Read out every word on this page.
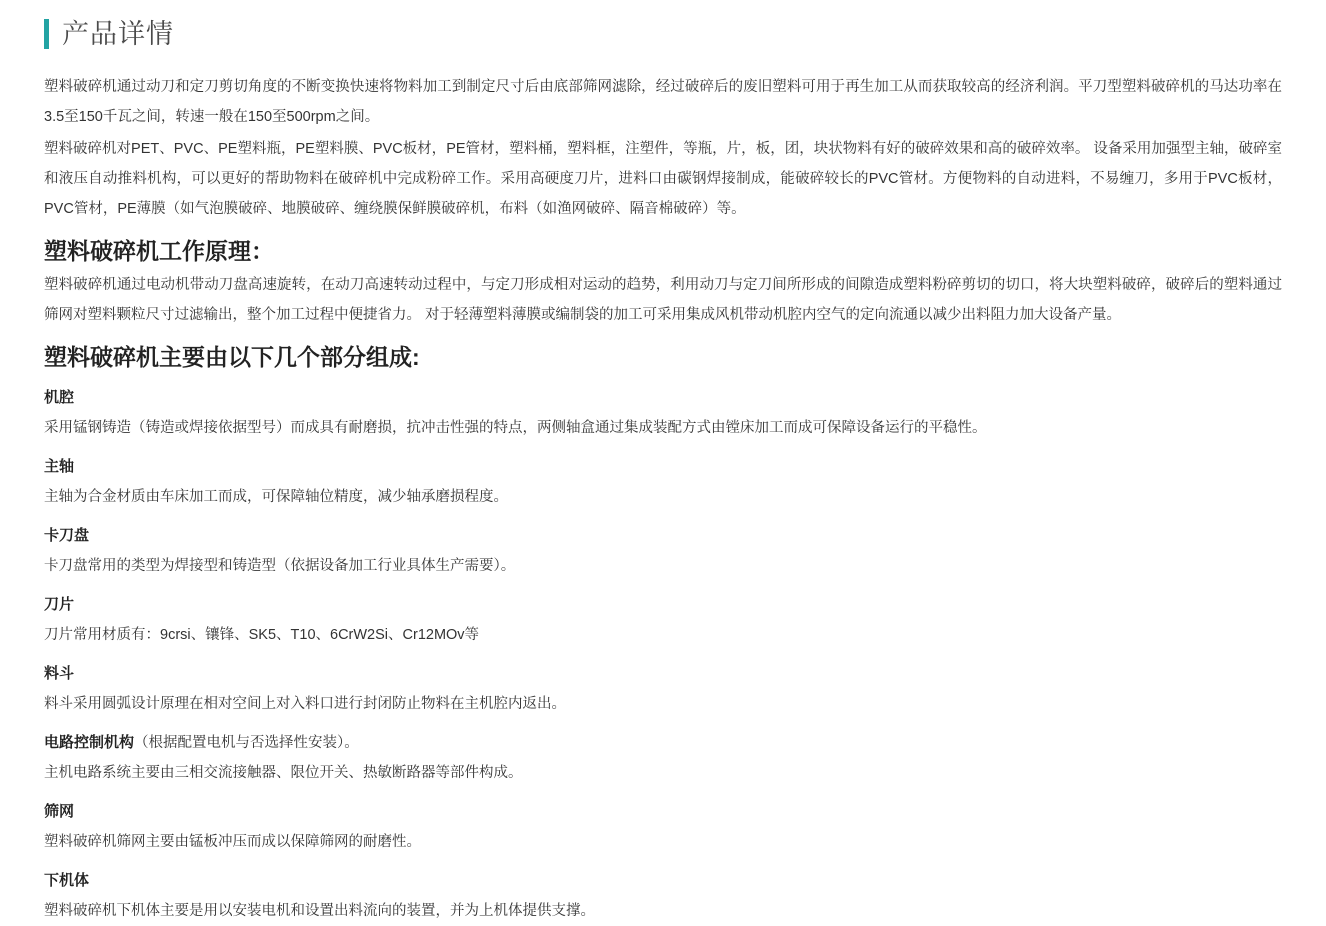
产品详情

塑料破碎机通过动刀和定刀剪切角度的不断变换快速将物料加工到制定尺寸后由底部筛网滤除，经过破碎后的废旧塑料可用于再生加工从而获取较高的经济利润。平刀型塑料破碎机的马达功率在3.5至150千瓦之间，转速一般在150至500rpm之间。

塑料破碎机对PET、PVC、PE塑料瓶，PE塑料膜、PVC板材，PE管材，塑料桶，塑料框，注塑件，等瓶，片，板，团，块状物料有好的破碎效果和高的破碎效率。 设备采用加强型主轴，破碎室和液压自动推料机构，可以更好的帮助物料在破碎机中完成粉碎工作。采用高硬度刀片，进料口由碳钢焊接制成，能破碎较长的PVC管材。方便物料的自动进料，不易缠刀，多用于PVC板材，PVC管材，PE薄膜（如气泡膜破碎、地膜破碎、缠绕膜保鲜膜破碎机，布料（如渔网破碎、隔音棉破碎）等。

塑料破碎机工作原理：

塑料破碎机通过电动机带动刀盘高速旋转，在动刀高速转动过程中，与定刀形成相对运动的趋势，利用动刀与定刀间所形成的间隙造成塑料粉碎剪切的切口，将大块塑料破碎，破碎后的塑料通过筛网对塑料颗粒尺寸过滤输出，整个加工过程中便捷省力。 对于轻薄塑料薄膜或编制袋的加工可采用集成风机带动机腔内空气的定向流通以减少出料阻力加大设备产量。

塑料破碎机主要由以下几个部分组成:
机腔

采用锰钢铸造（铸造或焊接依据型号）而成具有耐磨损，抗冲击性强的特点，两侧轴盒通过集成装配方式由镗床加工而成可保障设备运行的平稳性。

主轴

主轴为合金材质由车床加工而成，可保障轴位精度，减少轴承磨损程度。

卡刀盘

卡刀盘常用的类型为焊接型和铸造型（依据设备加工行业具体生产需要）。

刀片

刀片常用材质有：9crsi、镶锋、SK5、T10、6CrW2Si、Cr12MOv等

料斗

料斗采用圆弧设计原理在相对空间上对入料口进行封闭防止物料在主机腔内返出。

电路控制机构（根据配置电机与否选择性安装）。

主机电路系统主要由三相交流接触器、限位开关、热敏断路器等部件构成。

筛网

塑料破碎机筛网主要由锰板冲压而成以保障筛网的耐磨性。

下机体

塑料破碎机下机体主要是用以安装电机和设置出料流向的装置，并为上机体提供支撑。
